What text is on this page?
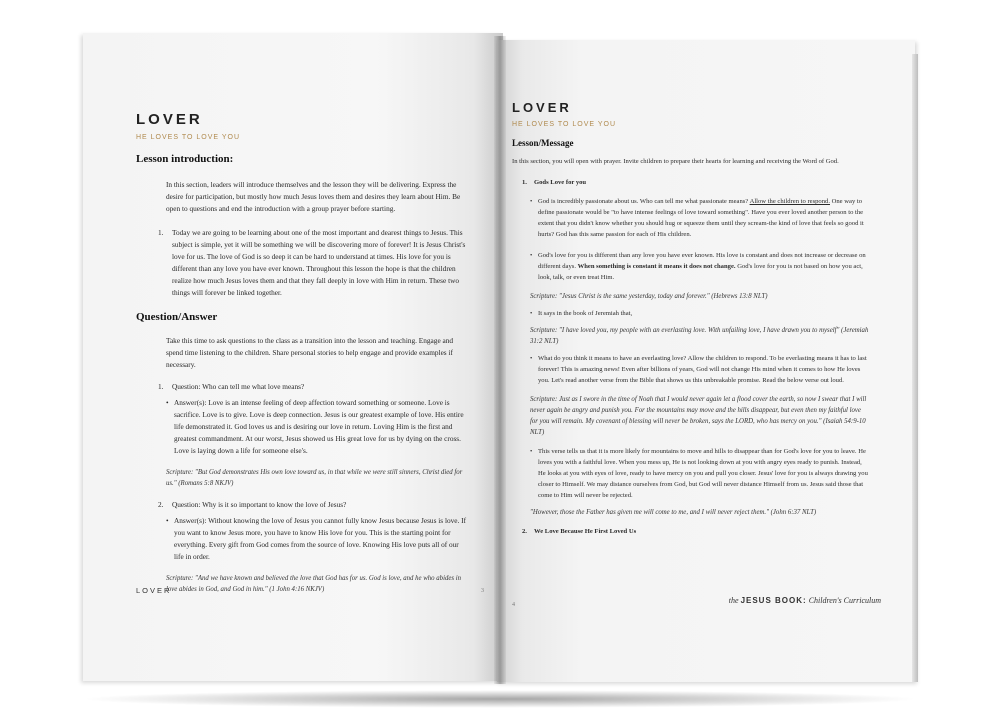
LOVER
HE LOVES TO LOVE YOU
Lesson introduction:
In this section, leaders will introduce themselves and the lesson they will be delivering. Express the desire for participation, but mostly how much Jesus loves them and desires they learn about Him. Be open to questions and end the introduction with a group prayer before starting.
1.	Today we are going to be learning about one of the most important and dearest things to Jesus. This subject is simple, yet it will be something we will be discovering more of forever! It is Jesus Christ's love for us. The love of God is so deep it can be hard to understand at times. His love for you is different than any love you have ever known. Throughout this lesson the hope is that the children realize how much Jesus loves them and that they fall deeply in love with Him in return. These two things will forever be linked together.
Question/Answer
Take this time to ask questions to the class as a transition into the lesson and teaching. Engage and spend time listening to the children. Share personal stories to help engage and provide examples if necessary.
1.	Question: Who can tell me what love means?
• Answer(s): Love is an intense feeling of deep affection toward something or someone. Love is sacrifice. Love is to give. Love is deep connection. Jesus is our greatest example of love. His entire life demonstrated it. God loves us and is desiring our love in return. Loving Him is the first and greatest commandment. At our worst, Jesus showed us His great love for us by dying on the cross. Love is laying down a life for someone else's.
Scripture: "But God demonstrates His own love toward us, in that while we were still sinners, Christ died for us." (Romans 5:8 NKJV)
2.	Question: Why is it so important to know the love of Jesus?
• Answer(s): Without knowing the love of Jesus you cannot fully know Jesus because Jesus is love. If you want to know Jesus more, you have to know His love for you. This is the starting point for everything. Every gift from God comes from the source of love. Knowing His love puts all of our life in order.
Scripture: "And we have known and believed the love that God has for us. God is love, and he who abides in love abides in God, and God in him." (1 John 4:16 NKJV)
LOVER	3
LOVER
HE LOVES TO LOVE YOU
Lesson/Message
In this section, you will open with prayer. Invite children to prepare their hearts for learning and receiving the Word of God.
1.	Gods Love for you
• God is incredibly passionate about us. Who can tell me what passionate means? Allow the children to respond. One way to define passionate would be "to have intense feelings of love toward something". Have you ever loved another person to the extent that you didn't know whether you should hug or squeeze them until they scream-the kind of love that feels so good it hurts? God has this same passion for each of His children.
• God's love for you is different than any love you have ever known. His love is constant and does not increase or decrease on different days. When something is constant it means it does not change. God's love for you is not based on how you act, look, talk, or even treat Him.
Scripture: "Jesus Christ is the same yesterday, today and forever." (Hebrews 13:8 NLT)
• It says in the book of Jeremiah that,
Scripture: "I have loved you, my people with an everlasting love. With unfailing love, I have drawn you to myself" (Jeremiah 31:2 NLT)
• What do you think it means to have an everlasting love? Allow the children to respond. To be everlasting means it has to last forever! This is amazing news! Even after billions of years, God will not change His mind when it comes to how He loves you. Let's read another verse from the Bible that shows us this unbreakable promise. Read the below verse out loud.
Scripture: Just as I swore in the time of Noah that I would never again let a flood cover the earth, so now I swear that I will never again be angry and punish you. For the mountains may move and the hills disappear, but even then my faithful love for you will remain. My covenant of blessing will never be broken, says the LORD, who has mercy on you." (Isaiah 54:9-10 NLT)
• This verse tells us that it is more likely for mountains to move and hills to disappear than for God's love for you to leave. He loves you with a faithful love. When you mess up, He is not looking down at you with angry eyes ready to punish. Instead, He looks at you with eyes of love, ready to have mercy on you and pull you closer. Jesus' love for you is always drawing you closer to Himself. We may distance ourselves from God, but God will never distance Himself from us. Jesus said those that come to Him will never be rejected.
"However, those the Father has given me will come to me, and I will never reject them." (John 6:37 NLT)
2.	We Love Because He First Loved Us
4	the JESUS BOOK: Children's Curriculum
